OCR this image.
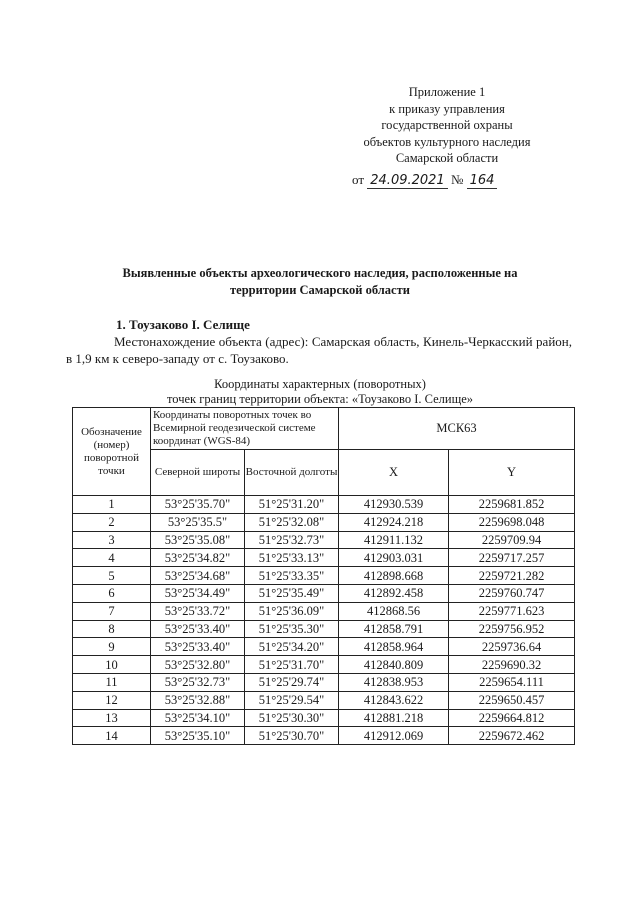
Приложение 1
к приказу управления
государственной охраны
объектов культурного наследия
Самарской области
от 24.09.2021 № 164
Выявленные объекты археологического наследия, расположенные на
территории Самарской области
1. Тоузаково I. Селище
Местонахождение объекта (адрес): Самарская область, Кинель-Черкасский район, в 1,9 км к северо-западу от с. Тоузаково.
Координаты характерных (поворотных)
точек границ территории объекта: «Тоузаково I. Селище»
Обозначение (номер) поворотной точки	Координаты поворотных точек во Всемирной геодезической системе координат (WGS-84)		МСК63	
	Северной широты	Восточной долготы	X	Y
1	53°25'35.70"	51°25'31.20"	412930.539	2259681.852
2	53°25'35.5"	51°25'32.08"	412924.218	2259698.048
3	53°25'35.08"	51°25'32.73"	412911.132	2259709.94
4	53°25'34.82"	51°25'33.13"	412903.031	2259717.257
5	53°25'34.68"	51°25'33.35"	412898.668	2259721.282
6	53°25'34.49"	51°25'35.49"	412892.458	2259760.747
7	53°25'33.72"	51°25'36.09"	412868.56	2259771.623
8	53°25'33.40"	51°25'35.30"	412858.791	2259756.952
9	53°25'33.40"	51°25'34.20"	412858.964	2259736.64
10	53°25'32.80"	51°25'31.70"	412840.809	2259690.32
11	53°25'32.73"	51°25'29.74"	412838.953	2259654.111
12	53°25'32.88"	51°25'29.54"	412843.622	2259650.457
13	53°25'34.10"	51°25'30.30"	412881.218	2259664.812
14	53°25'35.10"	51°25'30.70"	412912.069	2259672.462
